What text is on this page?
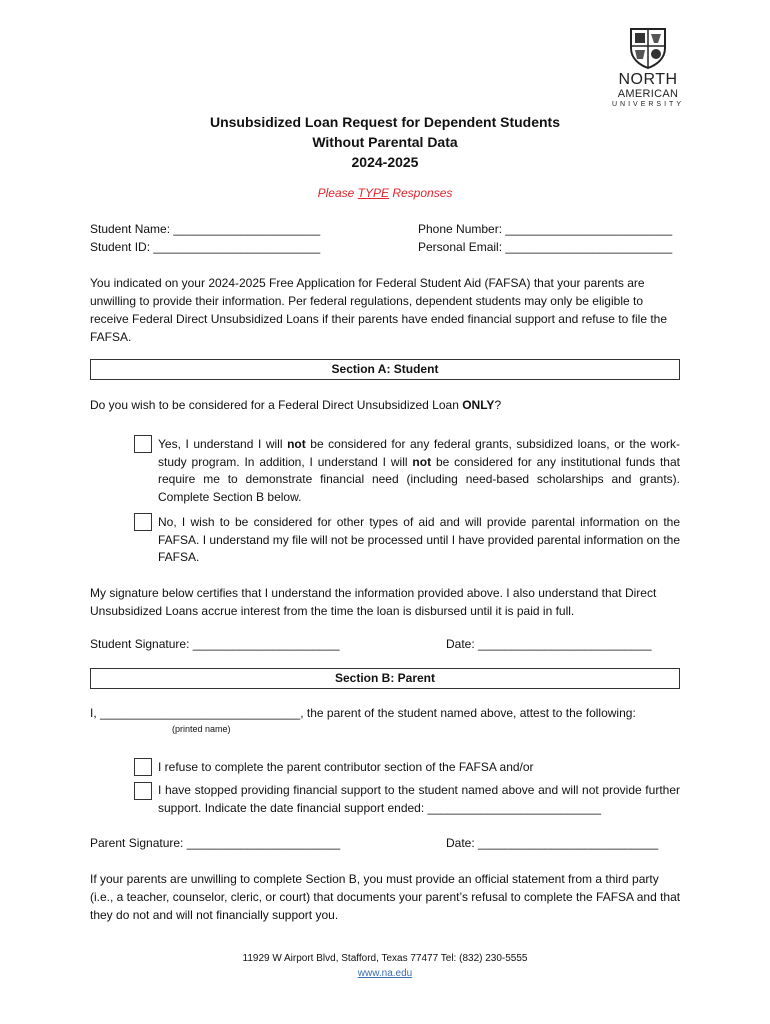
NORTH
AMERICAN
UNIVERSITY
Unsubsidized Loan Request for Dependent Students
Without Parental Data
2024-2025
Please TYPE Responses
Student Name: ______________________
Student ID: _________________________
Phone Number: _________________________
Personal Email: _________________________
You indicated on your 2024-2025 Free Application for Federal Student Aid (FAFSA) that your parents are unwilling to provide their information. Per federal regulations, dependent students may only be eligible to receive Federal Direct Unsubsidized Loans if their parents have ended financial support and refuse to file the FAFSA.
Section A: Student
Do you wish to be considered for a Federal Direct Unsubsidized Loan ONLY?
Yes, I understand I will not be considered for any federal grants, subsidized loans, or the work-study program. In addition, I understand I will not be considered for any institutional funds that require me to demonstrate financial need (including need-based scholarships and grants). Complete Section B below.
No, I wish to be considered for other types of aid and will provide parental information on the FAFSA. I understand my file will not be processed until I have provided parental information on the FAFSA.
My signature below certifies that I understand the information provided above. I also understand that Direct Unsubsidized Loans accrue interest from the time the loan is disbursed until it is paid in full.
Student Signature: ______________________	Date: __________________________
Section B: Parent
I, ______________________________, the parent of the student named above, attest to the following:
(printed name)
I refuse to complete the parent contributor section of the FAFSA and/or
I have stopped providing financial support to the student named above and will not provide further support. Indicate the date financial support ended: __________________________
Parent Signature: _______________________	Date: ___________________________
If your parents are unwilling to complete Section B, you must provide an official statement from a third party (i.e., a teacher, counselor, cleric, or court) that documents your parent’s refusal to complete the FAFSA and that they do not and will not financially support you.
11929 W Airport Blvd, Stafford, Texas 77477 Tel: (832) 230-5555
www.na.edu
